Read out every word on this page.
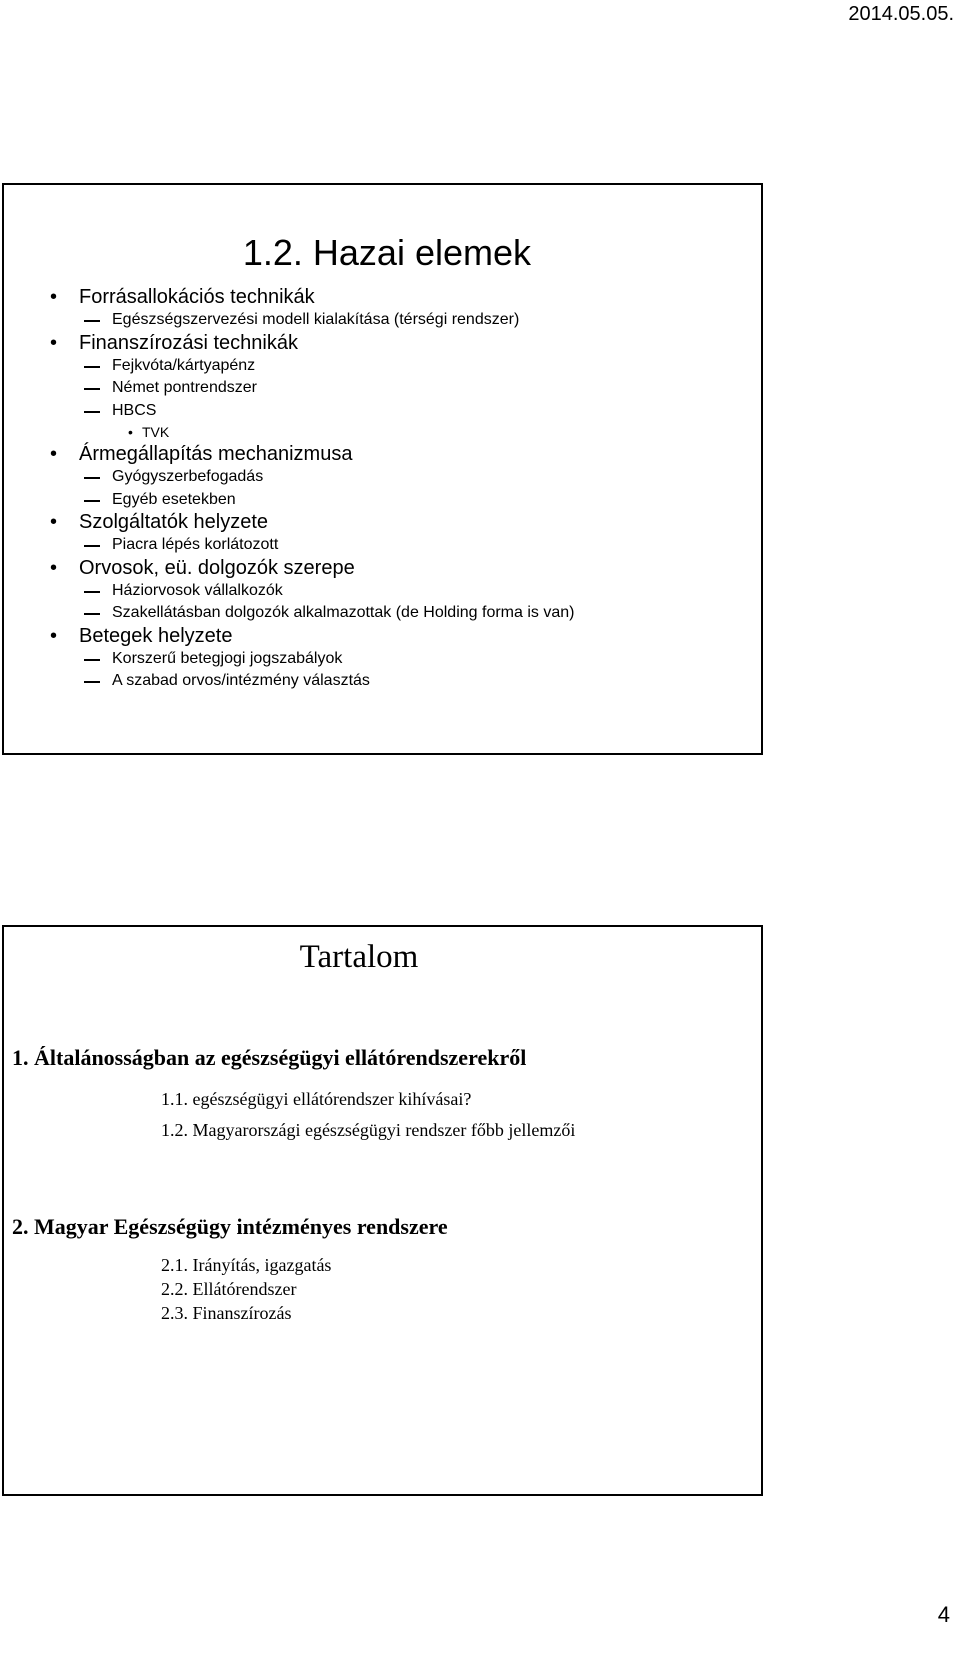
2014.05.05.
1.2. Hazai elemek
• Forrásallokációs technikák
Egészségszervezési modell kialakítása (térségi rendszer)
• Finanszírozási technikák
Fejkvóta/kártyapénz
Német pontrendszer
HBCS
• TVK
• Ármegállapítás mechanizmusa
Gyógyszerbefogadás
Egyéb esetekben
• Szolgáltatók helyzete
Piacra lépés korlátozott
• Orvosok, eü. dolgozók szerepe
Háziorvosok vállalkozók
Szakellátásban dolgozók alkalmazottak (de Holding forma is van)
• Betegek helyzete
Korszerű betegjogi jogszabályok
A szabad orvos/intézmény választás
Tartalom
1. Általánosságban az egészségügyi ellátórendszerekről
1.1. egészségügyi ellátórendszer kihívásai?
1.2. Magyarországi egészségügyi rendszer főbb jellemzői
2. Magyar Egészségügy intézményes rendszere
2.1. Irányítás, igazgatás
2.2. Ellátórendszer
2.3. Finanszírozás
4
